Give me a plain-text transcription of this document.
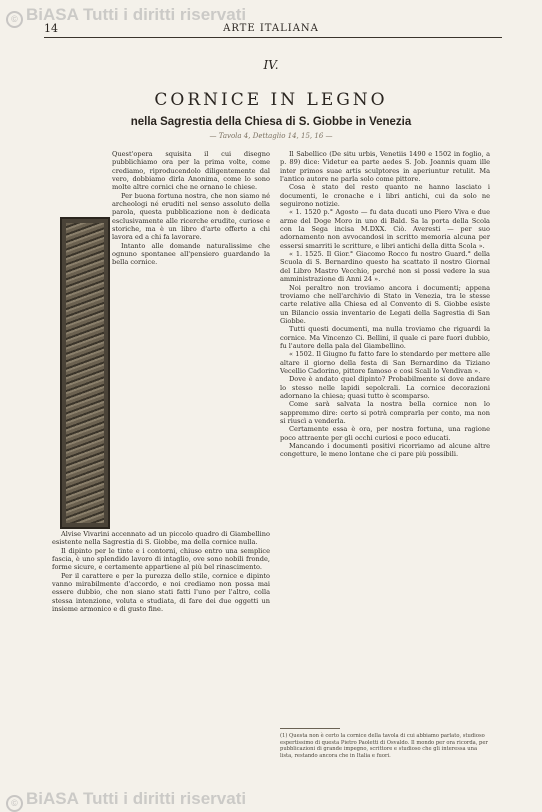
© BiASA Tutti i diritti riservati
14	ARTE ITALIANA
IV.
CORNICE IN LEGNO
nella Sagrestia della Chiesa di S. Giobbe in Venezia
— Tavola 4, Dettaglio 14, 15, 16 —

Quest'opera squisita il cui disegno pubblichiamo ora per la prima volte, come crediamo, riproducendolo diligentemente dal vero, dobbiamo dirla Anonima, come lo sono molte altre cornici che ne ornano le chiese.

Per buona fortuna nostra, che non siamo né archeologi né eruditi nel senso assoluto della parola, questa pubblicazione non è dedicata esclusivamente alle ricerche erudite, curiose e storiche, ma è un libro d'arte offerto a chi lavora ed a chi fa lavorare.

Intanto alle domande naturalissime che ognuno spontanee all'pensiero guardando la bella cornice.

Alvise Vivarini accennato ad un piccolo quadro di Giambellino esistente nella Sagrestia di S. Giobbe, ma della cornice nulla.

Il dipinto per le tinte e i contorni, chiuso entro una semplice fascia, è uno splendido lavoro di intaglio, ove sono nobili fronde, forme sicure, e certamente appartiene al più bel rinascimento.

Per il carattere e per la purezza dello stile, cornice e dipinto vanno mirabilmente d'accordo, e noi crediamo non possa mai essere dubbio, che non siano stati fatti l'uno per l'altro, colla stessa intenzione, voluta e studiata, di fare dei due oggetti un insieme armonico e di gusto fine.

Il Sabellico (De situ urbis, Venetiis 1490 e 1502 in foglio, a p. 89) dice: Videtur ea parte aedes S. Job. Joannis quam ille inter primos suae artis sculptores in aperiuntur retulit. Ma l'antico autore ne parla solo come pittore.

Cosa è stato del resto quanto ne hanno lasciato i documenti, le cronache e i libri antichi, cui da solo ne seguirono notizie.

« 1. 1520 p.° Agosto — fu data ducati uno Piero Viva e due arme del Doge Moro in uno di Bald. Sa la porta della Scola con la Sega incisa M.DXX. Ciò. Averesti — per suo adornamento non avvocandosi in scritto memoria alcuna per essersi smarriti le scritture, e libri antichi della ditta Scola ».

« 1. 1525. Il Gior.° Giacomo Rocco fu nostro Guard.° della Scuola di S. Bernardino questo ha scattato il nostro Giornal del Libro Mastro Vecchio, perché non si possi vedere la sua amministrazione di Anni 24 ».

Noi peraltro non troviamo ancora i documenti; appena troviamo che nell'archivio di Stato in Venezia, tra le stesse carte relative alla Chiesa ed al Convento di S. Giobbe esiste un Bilancio ossia inventario de Legati della Sagrestia di San Giobbe.

Tutti questi documenti, ma nulla troviamo che riguardi la cornice. Ma Vincenzo Ci. Bellini, il quale ci pare fuori dubbio, fu l'autore della pala del Giambellino.

« 1502. Il Giugno fu fatto fare lo stendardo per mettere alle altare il giorno della festa di San Bernardino da Tiziano Vecellio Cadorino, pittore famoso e cosi Scali lo Vendivan ».

Dove è andato quel dipinto? Probabilmente si dove andare lo stesso nelle lapidi sepolcrali. La cornice decorazioni adornano la chiesa; quasi tutto è scomparso.

Come sarà salvata la nostra bella cornice non lo sappremmo dire: certo si potrà comprarla per conto, ma non si riuscì a venderla.

Certamente essa è ora, per nostra fortuna, una ragione poco attraente per gli occhi curiosi e poco educati.

Mancando i documenti positivi ricorriamo ad alcune altre congetture, le meno lontane che ci pare più possibili.

(1) Questa non è certo la cornice della tavola di cui abbiamo parlato, studioso espertissimo di questa Pietro Paoletti di Osvaldo. Il mondo per ora ricorda, per pubblicazioni di grande impegno, scrittore e studioso che gli interessa una lista, restando ancora che in Italia e fuori.
© BiASA Tutti i diritti riservati
